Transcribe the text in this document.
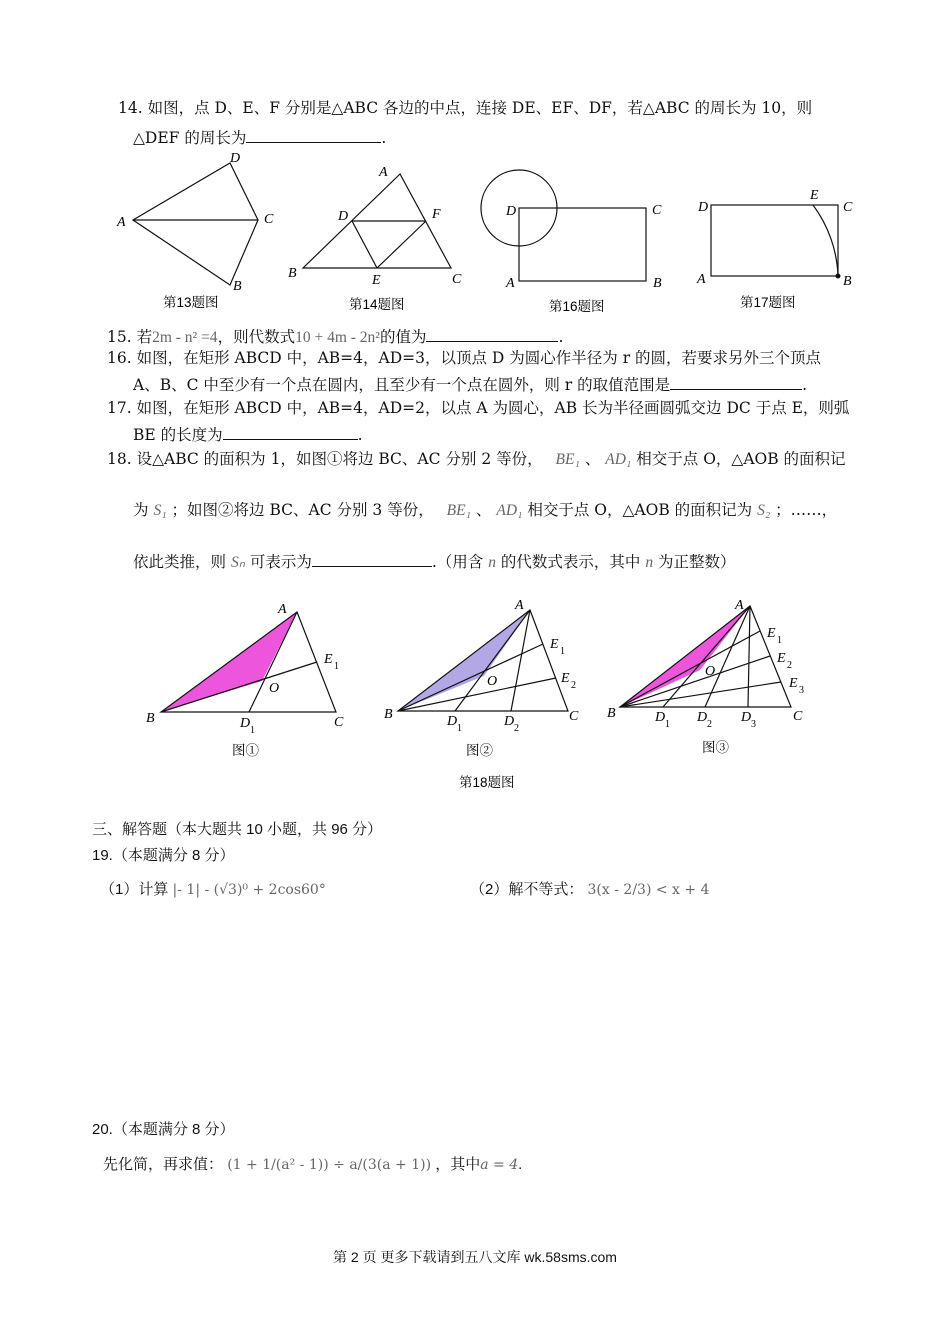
14. 如图，点 D、E、F 分别是△ABC 各边的中点，连接 DE、EF、DF，若△ABC 的周长为 10，则
△DEF 的周长为	.
D
A	C
B
第13题图
A
D	F
B	E	C
第14题图
D	C
A	B
第16题图
D
E
C
A	B
第17题图
15. 若2m - n² =4，则代数式10 + 4m - 2n²的值为	.
16. 如图，在矩形 ABCD 中，AB=4，AD=3，以顶点 D 为圆心作半径为 r 的圆，若要求另外三个顶点
A、B、C 中至少有一个点在圆内，且至少有一个点在圆外，则 r 的取值范围是	.
17. 如图，在矩形 ABCD 中，AB=4，AD=2，以点 A 为圆心，AB 长为半径画圆弧交边 DC 于点 E，则弧
BE 的长度为	.
18. 设△ABC 的面积为 1，如图①将边 BC、AC 分别 2 等份， BE₁ 、 AD₁ 相交于点 O，△AOB 的面积记
为 S₁ ；如图②将边 BC、AC 分别 3 等份， BE₁ 、 AD₁ 相交于点 O，△AOB 的面积记为 S₂ ；……，
依此类推，则 Sₙ 可表示为	.（用含 n 的代数式表示，其中 n 为正整数）
A
B	C
D 1
E 1
O
图①
A
B	C
D 1	D 2
E 1
E 2
O
图②
A
B	C
D 1 D 2 D 3
E 1
E 2
E 3
O
图③
第18题图
三、解答题（本大题共 10 小题，共 96 分）
19.（本题满分 8 分）
（1）计算 |- 1| - (√3)⁰ + 2cos60°	（2）解不等式： 3(x - 2/3) < x + 4
20.（本题满分 8 分）
先化简，再求值： (1 + 1/(a² - 1)) ÷ a/(3(a + 1)) ，其中a = 4.
第 2 页 更多下载请到五八文库 wk.58sms.com
